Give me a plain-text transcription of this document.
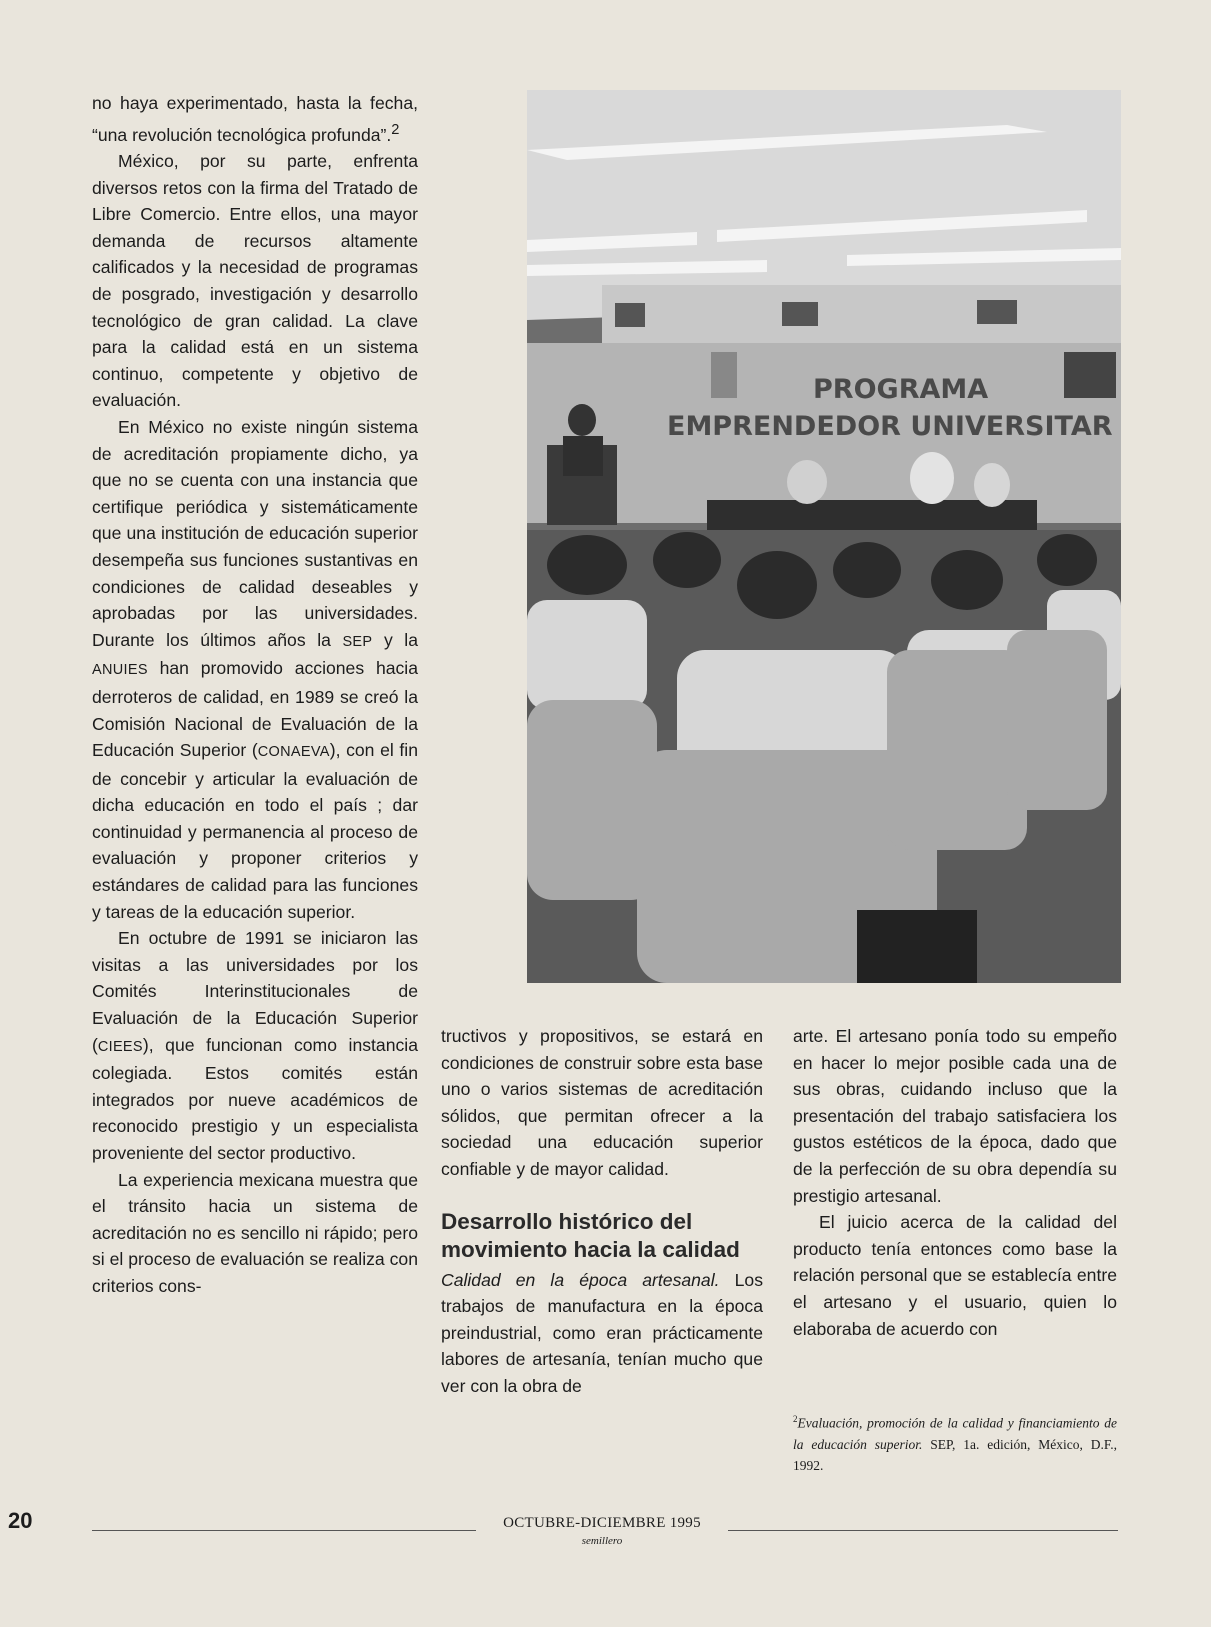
no haya experimentado, hasta la fecha, “una revolución tecnológica profunda”.$^2$

México, por su parte, enfrenta diversos retos con la firma del Tratado de Libre Comercio. Entre ellos, una mayor demanda de recursos altamente calificados y la necesidad de programas de posgrado, investigación y desarrollo tecnológico de gran calidad. La clave para la calidad está en un sistema continuo, competente y objetivo de evaluación.

En México no existe ningún sistema de acreditación propiamente dicho, ya que no se cuenta con una instancia que certifique periódica y sistemáticamente que una institución de educación superior desempeña sus funciones sustantivas en condiciones de calidad deseables y aprobadas por las universidades. Durante los últimos años la SEP y la ANUIES han promovido acciones hacia derroteros de calidad, en 1989 se creó la Comisión Nacional de Evaluación de la Educación Superior (CONAEVA), con el fin de concebir y articular la evaluación de dicha educación en todo el país ; dar continuidad y permanencia al proceso de evaluación y proponer criterios y estándares de calidad para las funciones y tareas de la educación superior.

En octubre de 1991 se iniciaron las visitas a las universidades por los Comités Interinstitucionales de Evaluación de la Educación Superior (CIEES), que funcionan como instancia colegiada. Estos comités están integrados por nueve académicos de reconocido prestigio y un especialista proveniente del sector productivo.

La experiencia mexicana muestra que el tránsito hacia un sistema de acreditación no es sencillo ni rápido; pero si el proceso de evaluación se realiza con criterios cons-

PROGRAMA
EMPRENDEDOR UNIVERSITAR

tructivos y propositivos, se estará en condiciones de construir sobre esta base uno o varios sistemas de acreditación sólidos, que permitan ofrecer a la sociedad una educación superior confiable y de mayor calidad.

Desarrollo histórico del movimiento hacia la calidad

Calidad en la época artesanal. Los trabajos de manufactura en la época preindustrial, como eran prácticamente labores de artesanía, tenían mucho que ver con la obra de

arte. El artesano ponía todo su empeño en hacer lo mejor posible cada una de sus obras, cuidando incluso que la presentación del trabajo satisfaciera los gustos estéticos de la época, dado que de la perfección de su obra dependía su prestigio artesanal.

El juicio acerca de la calidad del producto tenía entonces como base la relación personal que se establecía entre el artesano y el usuario, quien lo elaboraba de acuerdo con

$^2$Evaluación, promoción de la calidad y financiamiento de la educación superior. SEP, 1a. edición, México, D.F., 1992.
20	OCTUBRE-DICIEMBRE 1995
semillero
